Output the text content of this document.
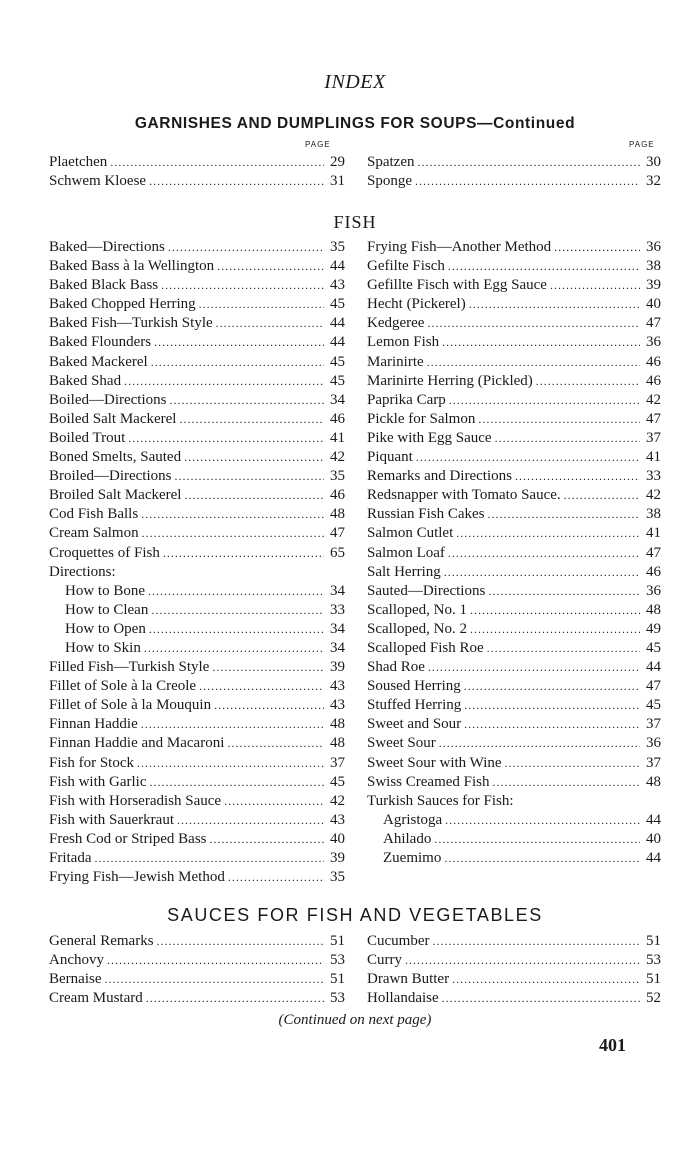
INDEX
GARNISHES AND DUMPLINGS FOR SOUPS—Continued
PAGE	PAGE
Plaetchen . . .	29
Schwem Kloese . . .	31
Spatzen . . .	30
Sponge . . .	32
FISH
Baked—Directions . . .	35
Baked Bass à la Wellington . . .	44
Baked Black Bass . . .	43
Baked Chopped Herring . . .	45
Baked Fish—Turkish Style . . .	44
Baked Flounders . . .	44
Baked Mackerel . . .	45
Baked Shad . . .	45
Boiled—Directions . . .	34
Boiled Salt Mackerel . . .	46
Boiled Trout . . .	41
Boned Smelts, Sauted . . .	42
Broiled—Directions . . .	35
Broiled Salt Mackerel . . .	46
Cod Fish Balls . . .	48
Cream Salmon . . .	47
Croquettes of Fish . . .	65
Directions:
How to Bone . . .	34
How to Clean . . .	33
How to Open . . .	34
How to Skin . . .	34
Filled Fish—Turkish Style . . .	39
Fillet of Sole à la Creole . . .	43
Fillet of Sole à la Mouquin . . .	43
Finnan Haddie . . .	48
Finnan Haddie and Macaroni . . .	48
Fish for Stock . . .	37
Fish with Garlic . . .	45
Fish with Horseradish Sauce . . .	42
Fish with Sauerkraut . . .	43
Fresh Cod or Striped Bass . . .	40
Fritada . . .	39
Frying Fish—Jewish Method . . .	35
Frying Fish—Another Method . . .	36
Gefilte Fisch . . .	38
Gefillte Fisch with Egg Sauce . . .	39
Hecht (Pickerel) . . .	40
Kedgeree . . .	47
Lemon Fish . . .	36
Marinirte . . .	46
Marinirte Herring (Pickled) . . .	46
Paprika Carp . . .	42
Pickle for Salmon . . .	47
Pike with Egg Sauce . . .	37
Piquant . . .	41
Remarks and Directions . . .	33
Redsnapper with Tomato Sauce. . . .	42
Russian Fish Cakes . . .	38
Salmon Cutlet . . .	41
Salmon Loaf . . .	47
Salt Herring . . .	46
Sauted—Directions . . .	36
Scalloped, No. 1 . . .	48
Scalloped, No. 2 . . .	49
Scalloped Fish Roe . . .	45
Shad Roe . . .	44
Soused Herring . . .	47
Stuffed Herring . . .	45
Sweet and Sour . . .	37
Sweet Sour . . .	36
Sweet Sour with Wine . . .	37
Swiss Creamed Fish . . .	48
Turkish Sauces for Fish:
Agristoga . . .	44
Ahilado . . .	40
Zuemimo . . .	44
SAUCES FOR FISH AND VEGETABLES
General Remarks . . .	51
Anchovy . . .	53
Bernaise . . .	51
Cream Mustard . . .	53
Cucumber . . .	51
Curry . . .	53
Drawn Butter . . .	51
Hollandaise . . .	52
(Continued on next page)
401
